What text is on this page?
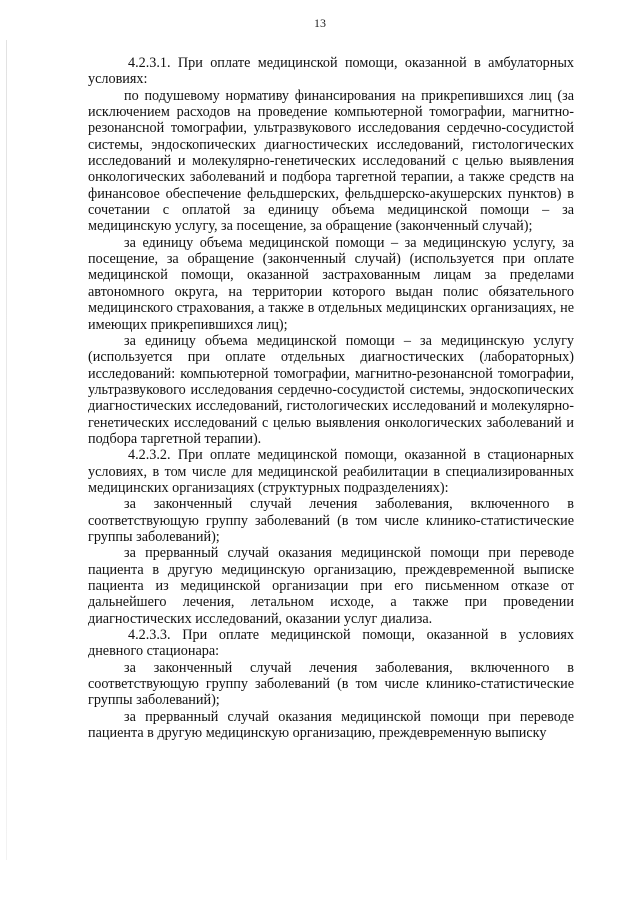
13

4.2.3.1. При оплате медицинской помощи, оказанной в амбулаторных условиях:

по подушевому нормативу финансирования на прикрепившихся лиц (за исключением расходов на проведение компьютерной томографии, магнитно-резонансной томографии, ультразвукового исследования сердечно-сосудистой системы, эндоскопических диагностических исследований, гистологических исследований и молекулярно-генетических исследований с целью выявления онкологических заболеваний и подбора таргетной терапии, а также средств на финансовое обеспечение фельдшерских, фельдшерско-акушерских пунктов) в сочетании с оплатой за единицу объема медицинской помощи – за медицинскую услугу, за посещение, за обращение (законченный случай);

за единицу объема медицинской помощи – за медицинскую услугу, за посещение, за обращение (законченный случай) (используется при оплате медицинской помощи, оказанной застрахованным лицам за пределами автономного округа, на территории которого выдан полис обязательного медицинского страхования, а также в отдельных медицинских организациях, не имеющих прикрепившихся лиц);

за единицу объема медицинской помощи – за медицинскую услугу (используется при оплате отдельных диагностических (лабораторных) исследований: компьютерной томографии, магнитно-резонансной томографии, ультразвукового исследования сердечно-сосудистой системы, эндоскопических диагностических исследований, гистологических исследований и молекулярно-генетических исследований с целью выявления онкологических заболеваний и подбора таргетной терапии).

4.2.3.2. При оплате медицинской помощи, оказанной в стационарных условиях, в том числе для медицинской реабилитации в специализированных медицинских организациях (структурных подразделениях):

за законченный случай лечения заболевания, включенного в соответствующую группу заболеваний (в том числе клинико-статистические группы заболеваний);

за прерванный случай оказания медицинской помощи при переводе пациента в другую медицинскую организацию, преждевременной выписке пациента из медицинской организации при его письменном отказе от дальнейшего лечения, летальном исходе, а также при проведении диагностических исследований, оказании услуг диализа.

4.2.3.3. При оплате медицинской помощи, оказанной в условиях дневного стационара:

за законченный случай лечения заболевания, включенного в соответствующую группу заболеваний (в том числе клинико-статистические группы заболеваний);

за прерванный случай оказания медицинской помощи при переводе пациента в другую медицинскую организацию, преждевременную выписку
